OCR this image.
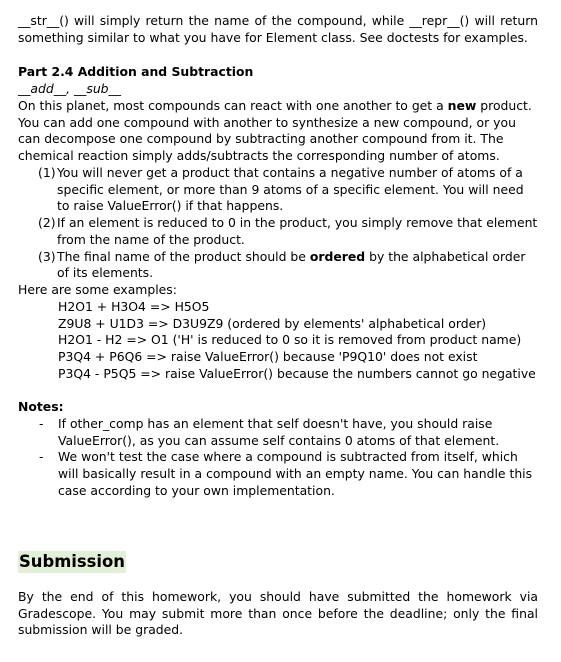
__str__() will simply return the name of the compound, while __repr__() will return something similar to what you have for Element class. See doctests for examples.
Part 2.4 Addition and Subtraction
__add__, __sub__
On this planet, most compounds can react with one another to get a new product. You can add one compound with another to synthesize a new compound, or you can decompose one compound by subtracting another compound from it. The chemical reaction simply adds/subtracts the corresponding number of atoms.
(1) You will never get a product that contains a negative number of atoms of a specific element, or more than 9 atoms of a specific element. You will need to raise ValueError() if that happens.
(2) If an element is reduced to 0 in the product, you simply remove that element from the name of the product.
(3) The final name of the product should be ordered by the alphabetical order of its elements.
Here are some examples:
H2O1 + H3O4 => H5O5
Z9U8 + U1D3 => D3U9Z9 (ordered by elements' alphabetical order)
H2O1 - H2 => O1 ('H' is reduced to 0 so it is removed from product name)
P3Q4 + P6Q6 => raise ValueError() because 'P9Q10' does not exist
P3Q4 - P5Q5 => raise ValueError() because the numbers cannot go negative
Notes:
- If other_comp has an element that self doesn't have, you should raise ValueError(), as you can assume self contains 0 atoms of that element.
- We won't test the case where a compound is subtracted from itself, which will basically result in a compound with an empty name. You can handle this case according to your own implementation.
Submission
By the end of this homework, you should have submitted the homework via Gradescope. You may submit more than once before the deadline; only the final submission will be graded.
